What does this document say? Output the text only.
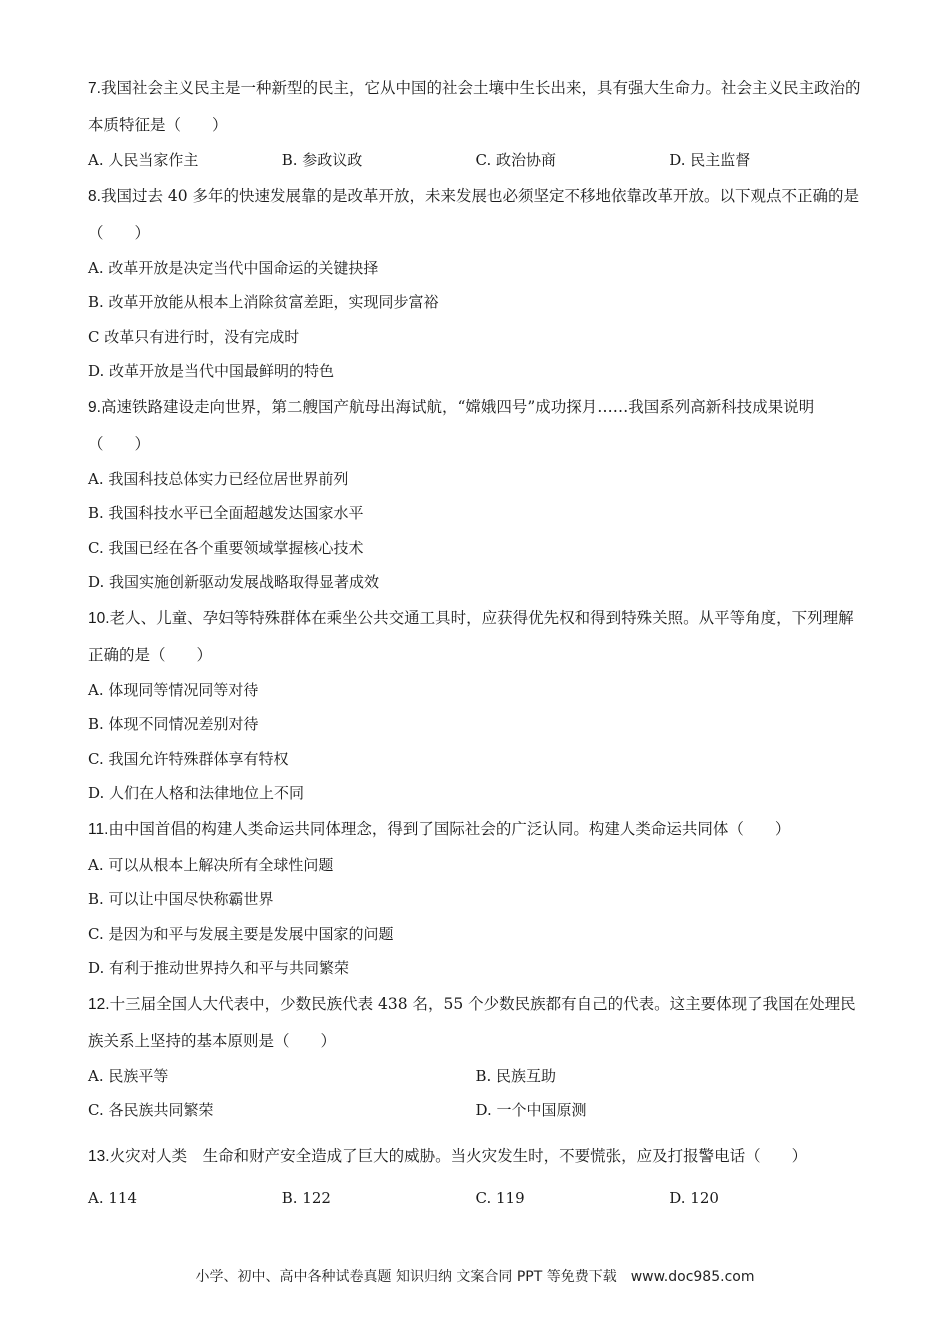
7.我国社会主义民主是一种新型的民主，它从中国的社会土壤中生长出来，具有强大生命力。社会主义民主政治的本质特征是（　　）

A. 人民当家作主	B. 参政议政	C. 政治协商	D. 民主监督

8.我国过去 40 多年的快速发展靠的是改革开放，未来发展也必须坚定不移地依靠改革开放。以下观点不正确的是（　　）

A. 改革开放是决定当代中国命运的关键抉择
B. 改革开放能从根本上消除贫富差距，实现同步富裕
C 改革只有进行时，没有完成时
D. 改革开放是当代中国最鲜明的特色

9.高速铁路建设走向世界，第二艘国产航母出海试航，“嫦娥四号”成功探月……我国系列高新科技成果说明（　　）

A. 我国科技总体实力已经位居世界前列
B. 我国科技水平已全面超越发达国家水平
C. 我国已经在各个重要领域掌握核心技术
D. 我国实施创新驱动发展战略取得显著成效

10.老人、儿童、孕妇等特殊群体在乘坐公共交通工具时，应获得优先权和得到特殊关照。从平等角度，下列理解正确的是（　　）

A. 体现同等情况同等对待
B. 体现不同情况差别对待
C. 我国允许特殊群体享有特权
D. 人们在人格和法律地位上不同

11.由中国首倡的构建人类命运共同体理念，得到了国际社会的广泛认同。构建人类命运共同体（　　）

A. 可以从根本上解决所有全球性问题
B. 可以让中国尽快称霸世界
C. 是因为和平与发展主要是发展中国家的问题
D. 有利于推动世界持久和平与共同繁荣

12.十三届全国人大代表中，少数民族代表 438 名，55 个少数民族都有自己的代表。这主要体现了我国在处理民族关系上坚持的基本原则是（　　）

A. 民族平等	B. 民族互助
C. 各民族共同繁荣	D. 一个中国原测

13.火灾对人类　生命和财产安全造成了巨大的威胁。当火灾发生时，不要慌张，应及打报警电话（　　）

A. 114	B. 122	C. 119	D. 120
小学、初中、高中各种试卷真题 知识归纳 文案合同 PPT 等免费下载　www.doc985.com
